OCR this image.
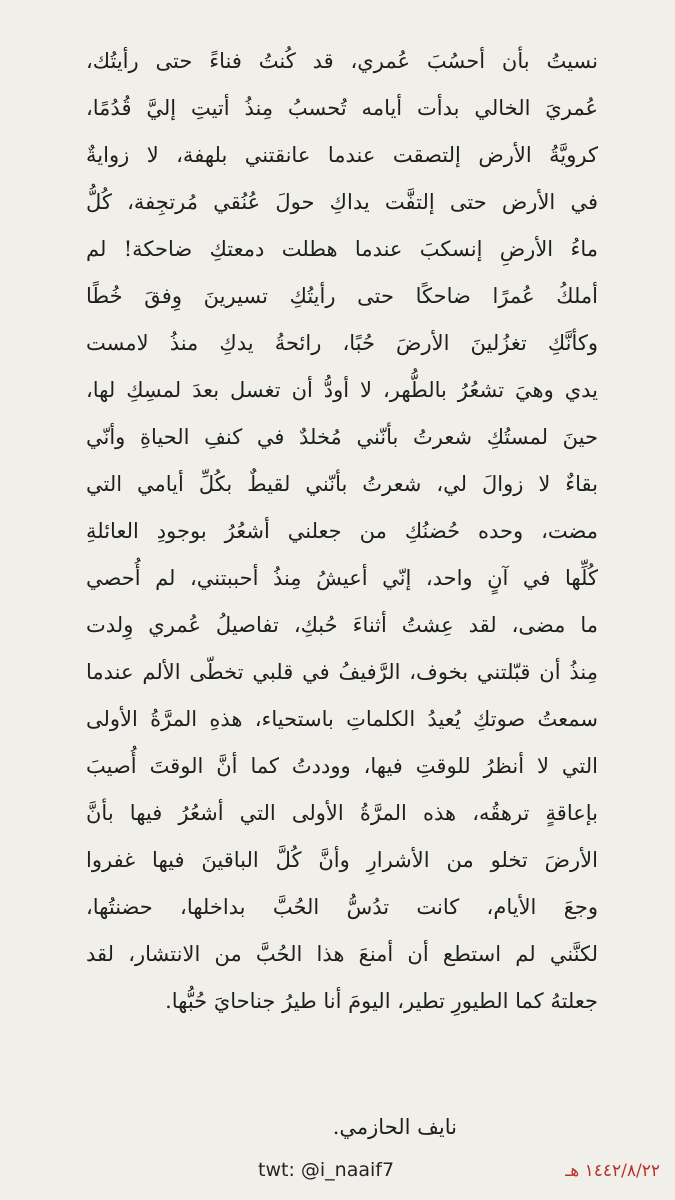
نسيتُ بأن أحسُبَ عُمري، قد كُنتُ فناءً حتى رأيتُك،
عُمريَ الخالي بدأت أيامه تُحسبُ مِنذُ أتيتِ إليَّ قُدُمًا،
كرويَّةُ الأرض إلتصقت عندما عانقتني بلهفة، لا زوايةٌ
في الأرض حتى إلتفَّت يداكِ حولَ عُنُقي مُرتجِفة، كُلُّ
ماءُ الأرضِ إنسكبَ عندما هطلت دمعتكِ ضاحكة! لم
أملكُ عُمرًا ضاحكًا حتى رأيتُكِ تسيرينَ وِفقَ خُطًا
وكأنَّكِ تغزُلينَ الأرضَ حُبًا، رائحةُ يدكِ منذُ لامست
يدي وهيَ تشعُرُ بالطُّهر، لا أودُّ أن تغسل بعدَ لمسِكِ لها،
حينَ لمستُكِ شعرتُ بأنّني مُخلدٌ في كنفِ الحياةِ وأنّي
بقاءٌ لا زوالَ لي، شعرتُ بأنّني لقيطٌ بكُلِّ أيامي التي
مضت، وحده حُضنُكِ من جعلني أشعُرُ بوجودِ العائلةِ
كُلِّها في آنٍ واحد، إنّي أعيشُ مِنذُ أحببتني، لم أُحصي
ما مضى، لقد عِشتُ أثناءَ حُبكِ، تفاصيلُ عُمري وِلدت
مِنذُ أن قبّلتني بخوف، الرَّفيفُ في قلبي تخطّى الألم عندما
سمعتُ صوتكِ يُعيدُ الكلماتِ باستحياء، هذهِ المرَّةُ الأولى
التي لا أنظرُ للوقتِ فيها، ووددتُ كما أنَّ الوقتَ أُصيبَ
بإعاقةٍ ترهقُه، هذه المرَّةُ الأولى التي أشعُرُ فيها بأنَّ
الأرضَ تخلو من الأشرارِ وأنَّ كُلَّ الباقينَ فيها غفروا
وجعَ الأيام، كانت تدُسُّ الحُبَّ بداخلها، حضنتُها،
لكنَّني لم استطع أن أمنعَ هذا الحُبَّ من الانتشار، لقد
جعلتهُ كما الطيورِ تطير، اليومَ أنا طيرُ جناحايَ حُبُّها.
نايف الحازمي.
twt: @i_naaif7	١٤٤٢/٨/٢٢ هـ
